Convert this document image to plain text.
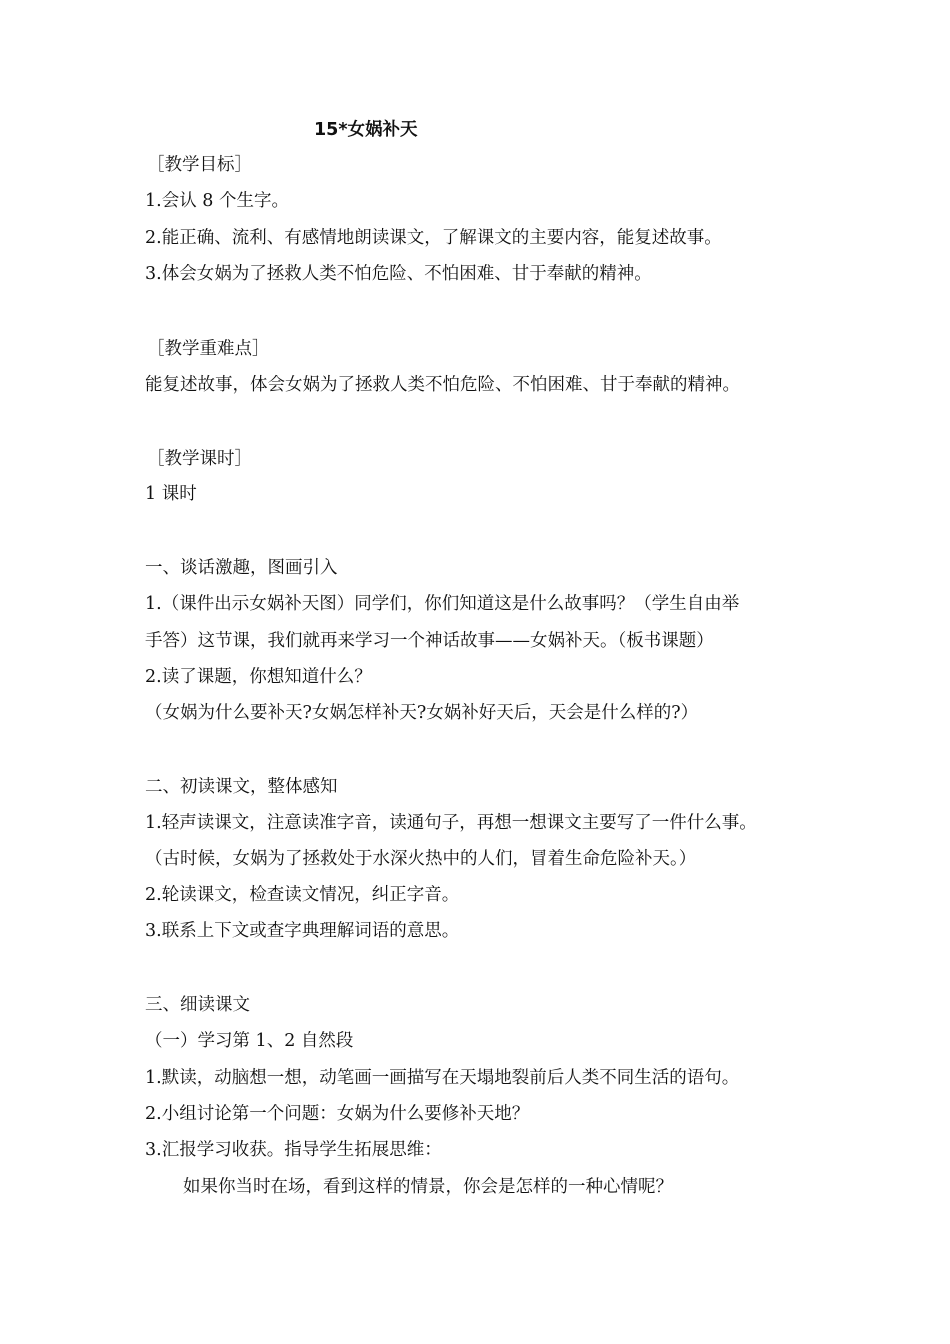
15*女娲补天
［教学目标］
1.会认 8 个生字。
2.能正确、流利、有感情地朗读课文，了解课文的主要内容，能复述故事。
3.体会女娲为了拯救人类不怕危险、不怕困难、甘于奉献的精神。
［教学重难点］
能复述故事，体会女娲为了拯救人类不怕危险、不怕困难、甘于奉献的精神。
［教学课时］
1 课时
一、谈话激趣，图画引入
1.（课件出示女娲补天图）同学们，你们知道这是什么故事吗？（学生自由举
手答）这节课，我们就再来学习一个神话故事——女娲补天。（板书课题）
2.读了课题，你想知道什么？
（女娲为什么要补天?女娲怎样补天?女娲补好天后，天会是什么样的?）
二、初读课文，整体感知
1.轻声读课文，注意读准字音，读通句子，再想一想课文主要写了一件什么事。
（古时候，女娲为了拯救处于水深火热中的人们，冒着生命危险补天。）
2.轮读课文，检查读文情况，纠正字音。
3.联系上下文或查字典理解词语的意思。
三、细读课文
（一）学习第 1、2 自然段
1.默读，动脑想一想，动笔画一画描写在天塌地裂前后人类不同生活的语句。
2.小组讨论第一个问题：女娲为什么要修补天地？
3.汇报学习收获。指导学生拓展思维：
如果你当时在场，看到这样的情景，你会是怎样的一种心情呢？
